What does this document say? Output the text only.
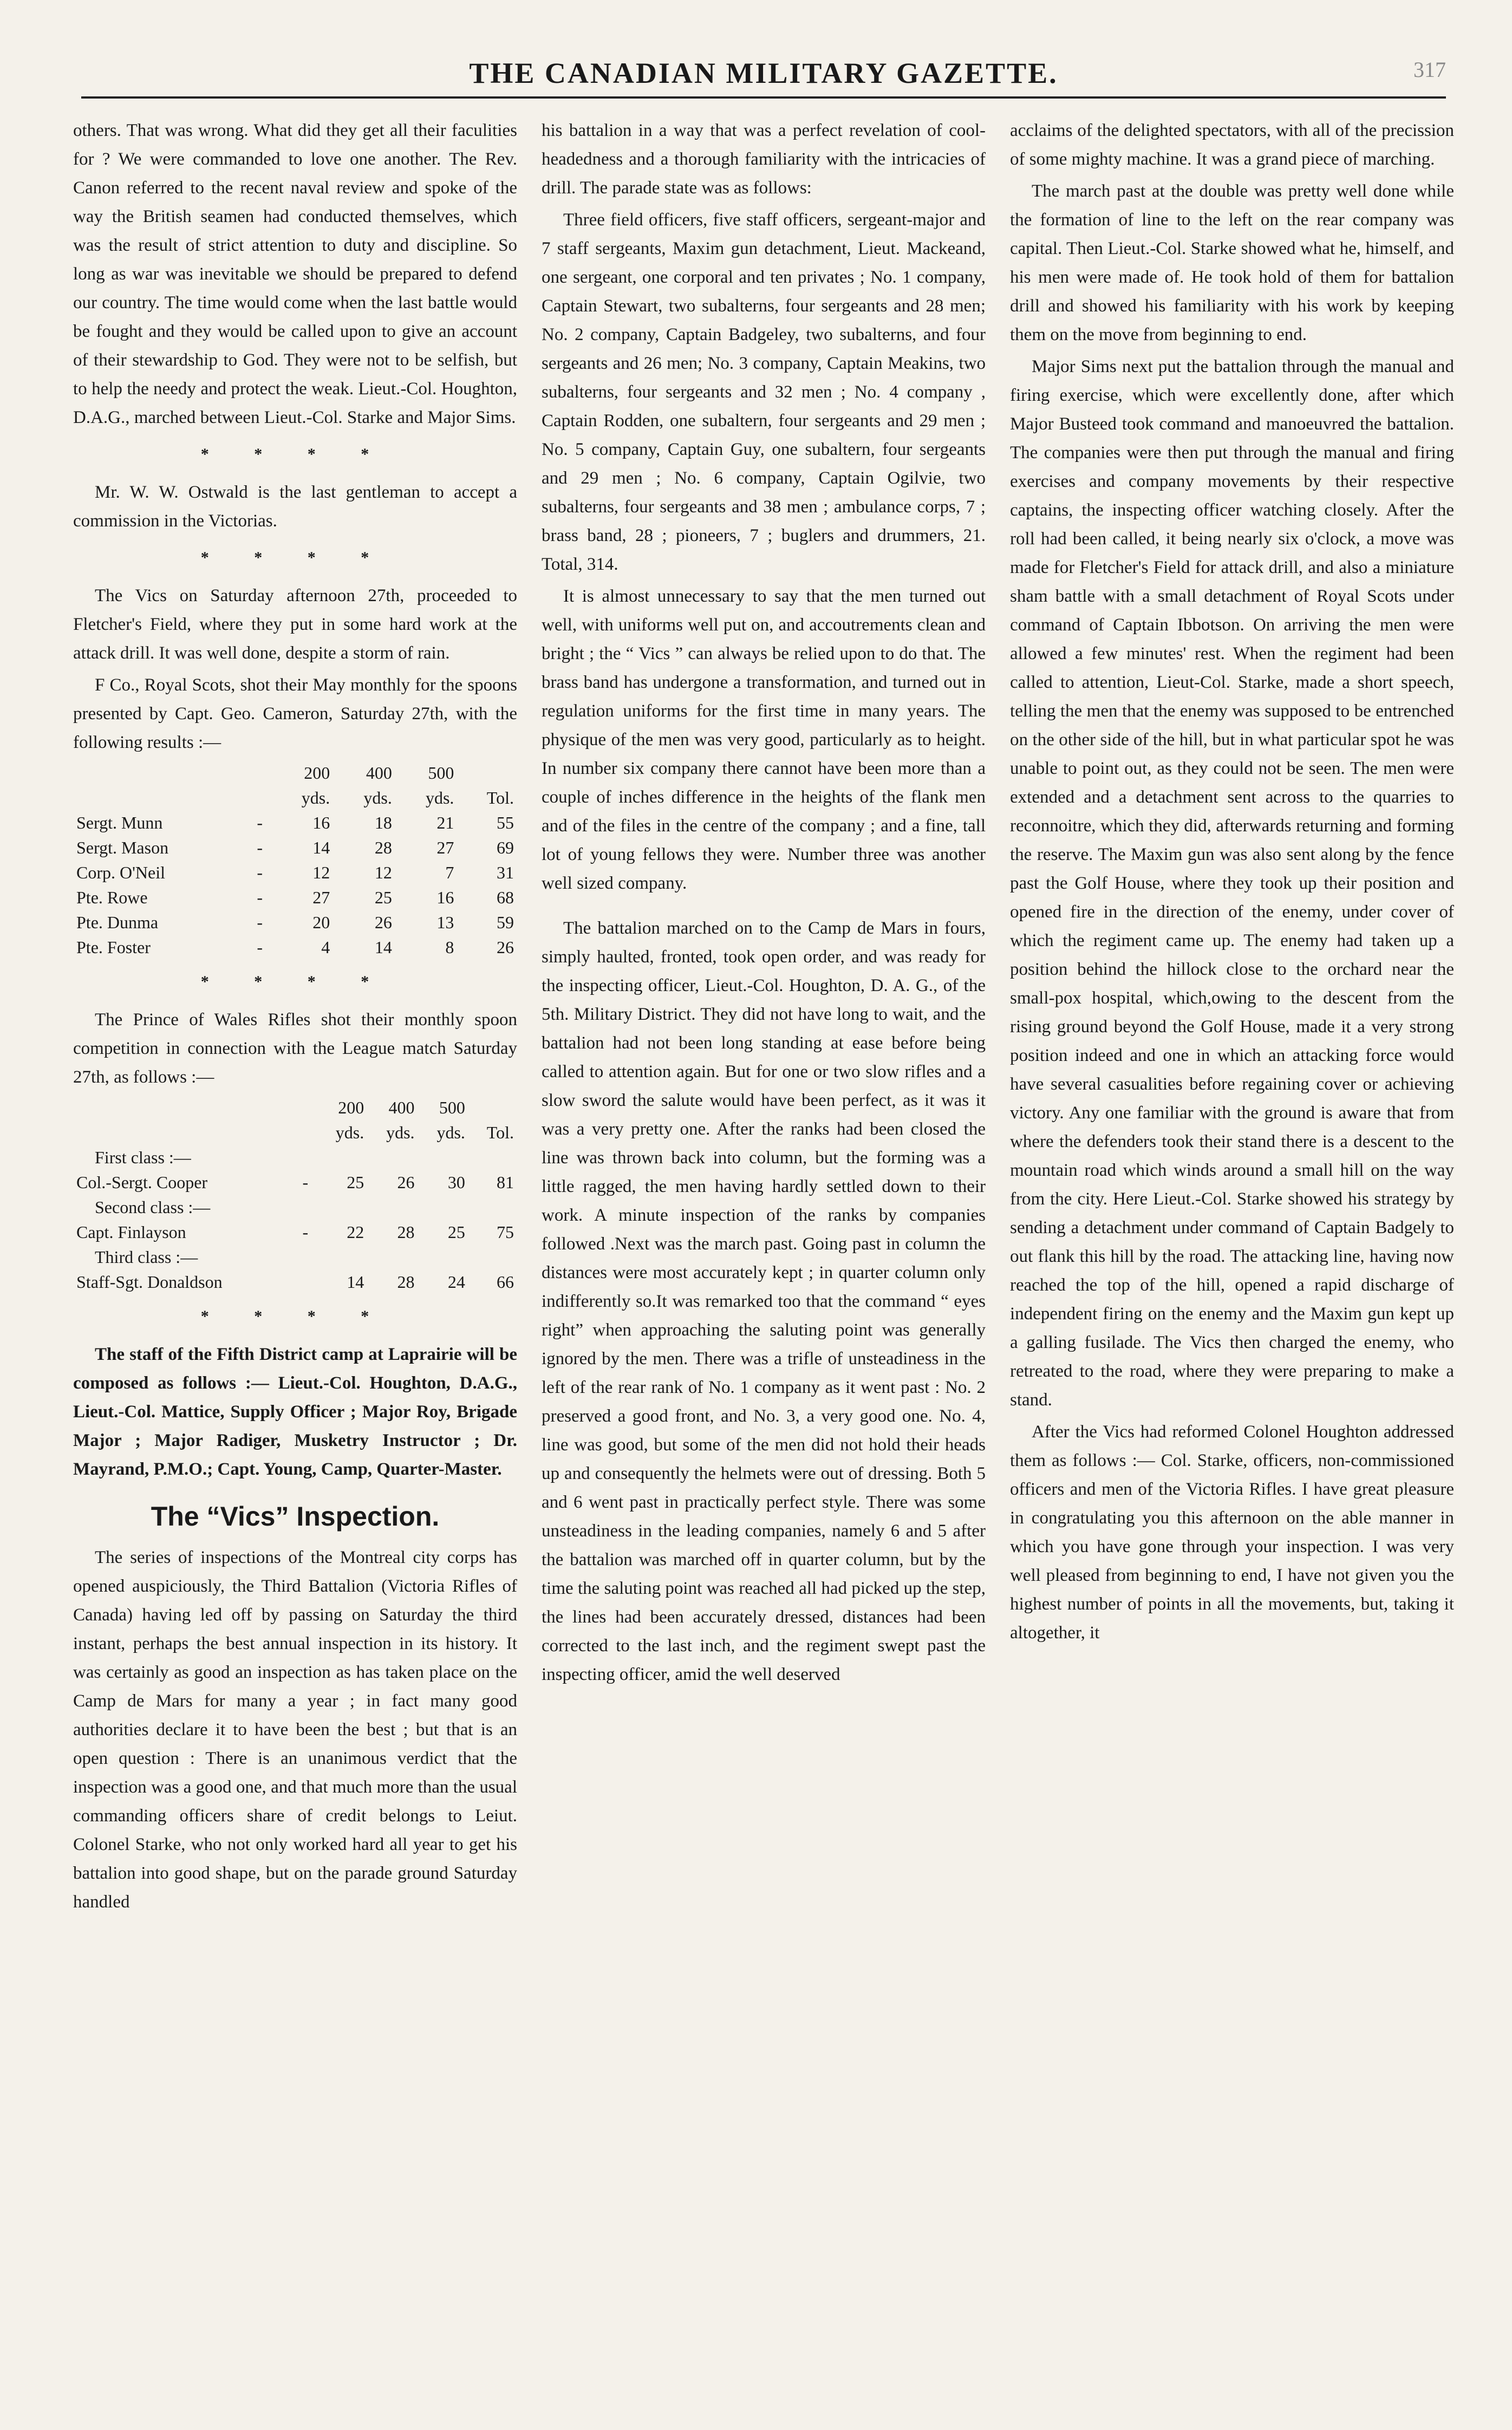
THE CANADIAN MILITARY GAZETTE.	317

others. That was wrong. What did they get all their faculities for ? We were commanded to love one another. The Rev. Canon referred to the recent naval review and spoke of the way the British seamen had conducted themselves, which was the result of strict attention to duty and discipline. So long as war was inevitable we should be prepared to defend our country. The time would come when the last battle would be fought and they would be called upon to give an account of their stewardship to God. They were not to be selfish, but to help the needy and protect the weak. Lieut.-Col. Houghton, D.A.G., marched between Lieut.-Col. Starke and Major Sims.

* * * *

Mr. W. W. Ostwald is the last gentleman to accept a commission in the Victorias.

* * * *

The Vics on Saturday afternoon 27th, proceeded to Fletcher's Field, where they put in some hard work at the attack drill. It was well done, despite a storm of rain.

F Co., Royal Scots, shot their May monthly for the spoons presented by Capt. Geo. Cameron, Saturday 27th, with the following results :—

		200	400	500	
		yds.	yds.	yds.	Tol.
Sergt. Munn	-	16	18	21	55
Sergt. Mason	-	14	28	27	69
Corp. O'Neil	-	12	12	7	31
Pte. Rowe	-	27	25	16	68
Pte. Dunma	-	20	26	13	59
Pte. Foster	-	4	14	8	26
* * * *

The Prince of Wales Rifles shot their monthly spoon competition in connection with the League match Saturday 27th, as follows :—

		200	400	500	
		yds.	yds.	yds.	Tol.
First class :—					
Col.-Sergt. Cooper	-	25	26	30	81
Second class :—					
Capt. Finlayson	-	22	28	25	75
Third class :—					
Staff-Sgt. Donaldson		14	28	24	66
* * * *

The staff of the Fifth District camp at Laprairie will be composed as follows :— Lieut.-Col. Houghton, D.A.G., Lieut.-Col. Mattice, Supply Officer ; Major Roy, Brigade Major ; Major Radiger, Musketry Instructor ; Dr. Mayrand, P.M.O.; Capt. Young, Camp, Quarter-Master.

The “Vics” Inspection.

The series of inspections of the Montreal city corps has opened auspiciously, the Third Battalion (Victoria Rifles of Canada) having led off by passing on Saturday the third instant, perhaps the best annual inspection in its history. It was certainly as good an inspection as has taken place on the Camp de Mars for many a year ; in fact many good authorities declare it to have been the best ; but that is an open question : There is an unanimous verdict that the inspection was a good one, and that much more than the usual commanding officers share of credit belongs to Leiut. Colonel Starke, who not only worked hard all year to get his battalion into good shape, but on the parade ground Saturday handled

his battalion in a way that was a perfect revelation of cool-headedness and a thorough familiarity with the intricacies of drill. The parade state was as follows:

Three field officers, five staff officers, sergeant-major and 7 staff sergeants, Maxim gun detachment, Lieut. Mackeand, one sergeant, one corporal and ten privates ; No. 1 company, Captain Stewart, two subalterns, four sergeants and 28 men; No. 2 company, Captain Badgeley, two subalterns, and four sergeants and 26 men; No. 3 company, Captain Meakins, two subalterns, four sergeants and 32 men ; No. 4 company , Captain Rodden, one subaltern, four sergeants and 29 men ; No. 5 company, Captain Guy, one subaltern, four sergeants and 29 men ; No. 6 company, Captain Ogilvie, two subalterns, four sergeants and 38 men ; ambulance corps, 7 ; brass band, 28 ; pioneers, 7 ; buglers and drummers, 21. Total, 314.

It is almost unnecessary to say that the men turned out well, with uniforms well put on, and accoutrements clean and bright ; the “ Vics ” can always be relied upon to do that. The brass band has undergone a transformation, and turned out in regulation uniforms for the first time in many years. The physique of the men was very good, particularly as to height. In number six company there cannot have been more than a couple of inches difference in the heights of the flank men and of the files in the centre of the company ; and a fine, tall lot of young fellows they were. Number three was another well sized company.

The battalion marched on to the Camp de Mars in fours, simply haulted, fronted, took open order, and was ready for the inspecting officer, Lieut.-Col. Houghton, D. A. G., of the 5th. Military District. They did not have long to wait, and the battalion had not been long standing at ease before being called to attention again. But for one or two slow rifles and a slow sword the salute would have been perfect, as it was it was a very pretty one. After the ranks had been closed the line was thrown back into column, but the forming was a little ragged, the men having hardly settled down to their work. A minute inspection of the ranks by companies followed .Next was the march past. Going past in column the distances were most accurately kept ; in quarter column only indifferently so.It was remarked too that the command “ eyes right” when approaching the saluting point was generally ignored by the men. There was a trifle of unsteadiness in the left of the rear rank of No. 1 company as it went past : No. 2 preserved a good front, and No. 3, a very good one. No. 4, line was good, but some of the men did not hold their heads up and consequently the helmets were out of dressing. Both 5 and 6 went past in practically perfect style. There was some unsteadiness in the leading companies, namely 6 and 5 after the battalion was marched off in quarter column, but by the time the saluting point was reached all had picked up the step, the lines had been accurately dressed, distances had been corrected to the last inch, and the regiment swept past the inspecting officer, amid the well deserved

acclaims of the delighted spectators, with all of the precission of some mighty machine. It was a grand piece of marching.

The march past at the double was pretty well done while the formation of line to the left on the rear company was capital. Then Lieut.-Col. Starke showed what he, himself, and his men were made of. He took hold of them for battalion drill and showed his familiarity with his work by keeping them on the move from beginning to end.

Major Sims next put the battalion through the manual and firing exercise, which were excellently done, after which Major Busteed took command and manoeuvred the battalion. The companies were then put through the manual and firing exercises and company movements by their respective captains, the inspecting officer watching closely. After the roll had been called, it being nearly six o'clock, a move was made for Fletcher's Field for attack drill, and also a miniature sham battle with a small detachment of Royal Scots under command of Captain Ibbotson. On arriving the men were allowed a few minutes' rest. When the regiment had been called to attention, Lieut-Col. Starke, made a short speech, telling the men that the enemy was supposed to be entrenched on the other side of the hill, but in what particular spot he was unable to point out, as they could not be seen. The men were extended and a detachment sent across to the quarries to reconnoitre, which they did, afterwards returning and forming the reserve. The Maxim gun was also sent along by the fence past the Golf House, where they took up their position and opened fire in the direction of the enemy, under cover of which the regiment came up. The enemy had taken up a position behind the hillock close to the orchard near the small-pox hospital, which,owing to the descent from the rising ground beyond the Golf House, made it a very strong position indeed and one in which an attacking force would have several casualities before regaining cover or achieving victory. Any one familiar with the ground is aware that from where the defenders took their stand there is a descent to the mountain road which winds around a small hill on the way from the city. Here Lieut.-Col. Starke showed his strategy by sending a detachment under command of Captain Badgely to out flank this hill by the road. The attacking line, having now reached the top of the hill, opened a rapid discharge of independent firing on the enemy and the Maxim gun kept up a galling fusilade. The Vics then charged the enemy, who retreated to the road, where they were preparing to make a stand.

After the Vics had reformed Colonel Houghton addressed them as follows :— Col. Starke, officers, non-commissioned officers and men of the Victoria Rifles. I have great pleasure in congratulating you this afternoon on the able manner in which you have gone through your inspection. I was very well pleased from beginning to end, I have not given you the highest number of points in all the movements, but, taking it altogether, it
